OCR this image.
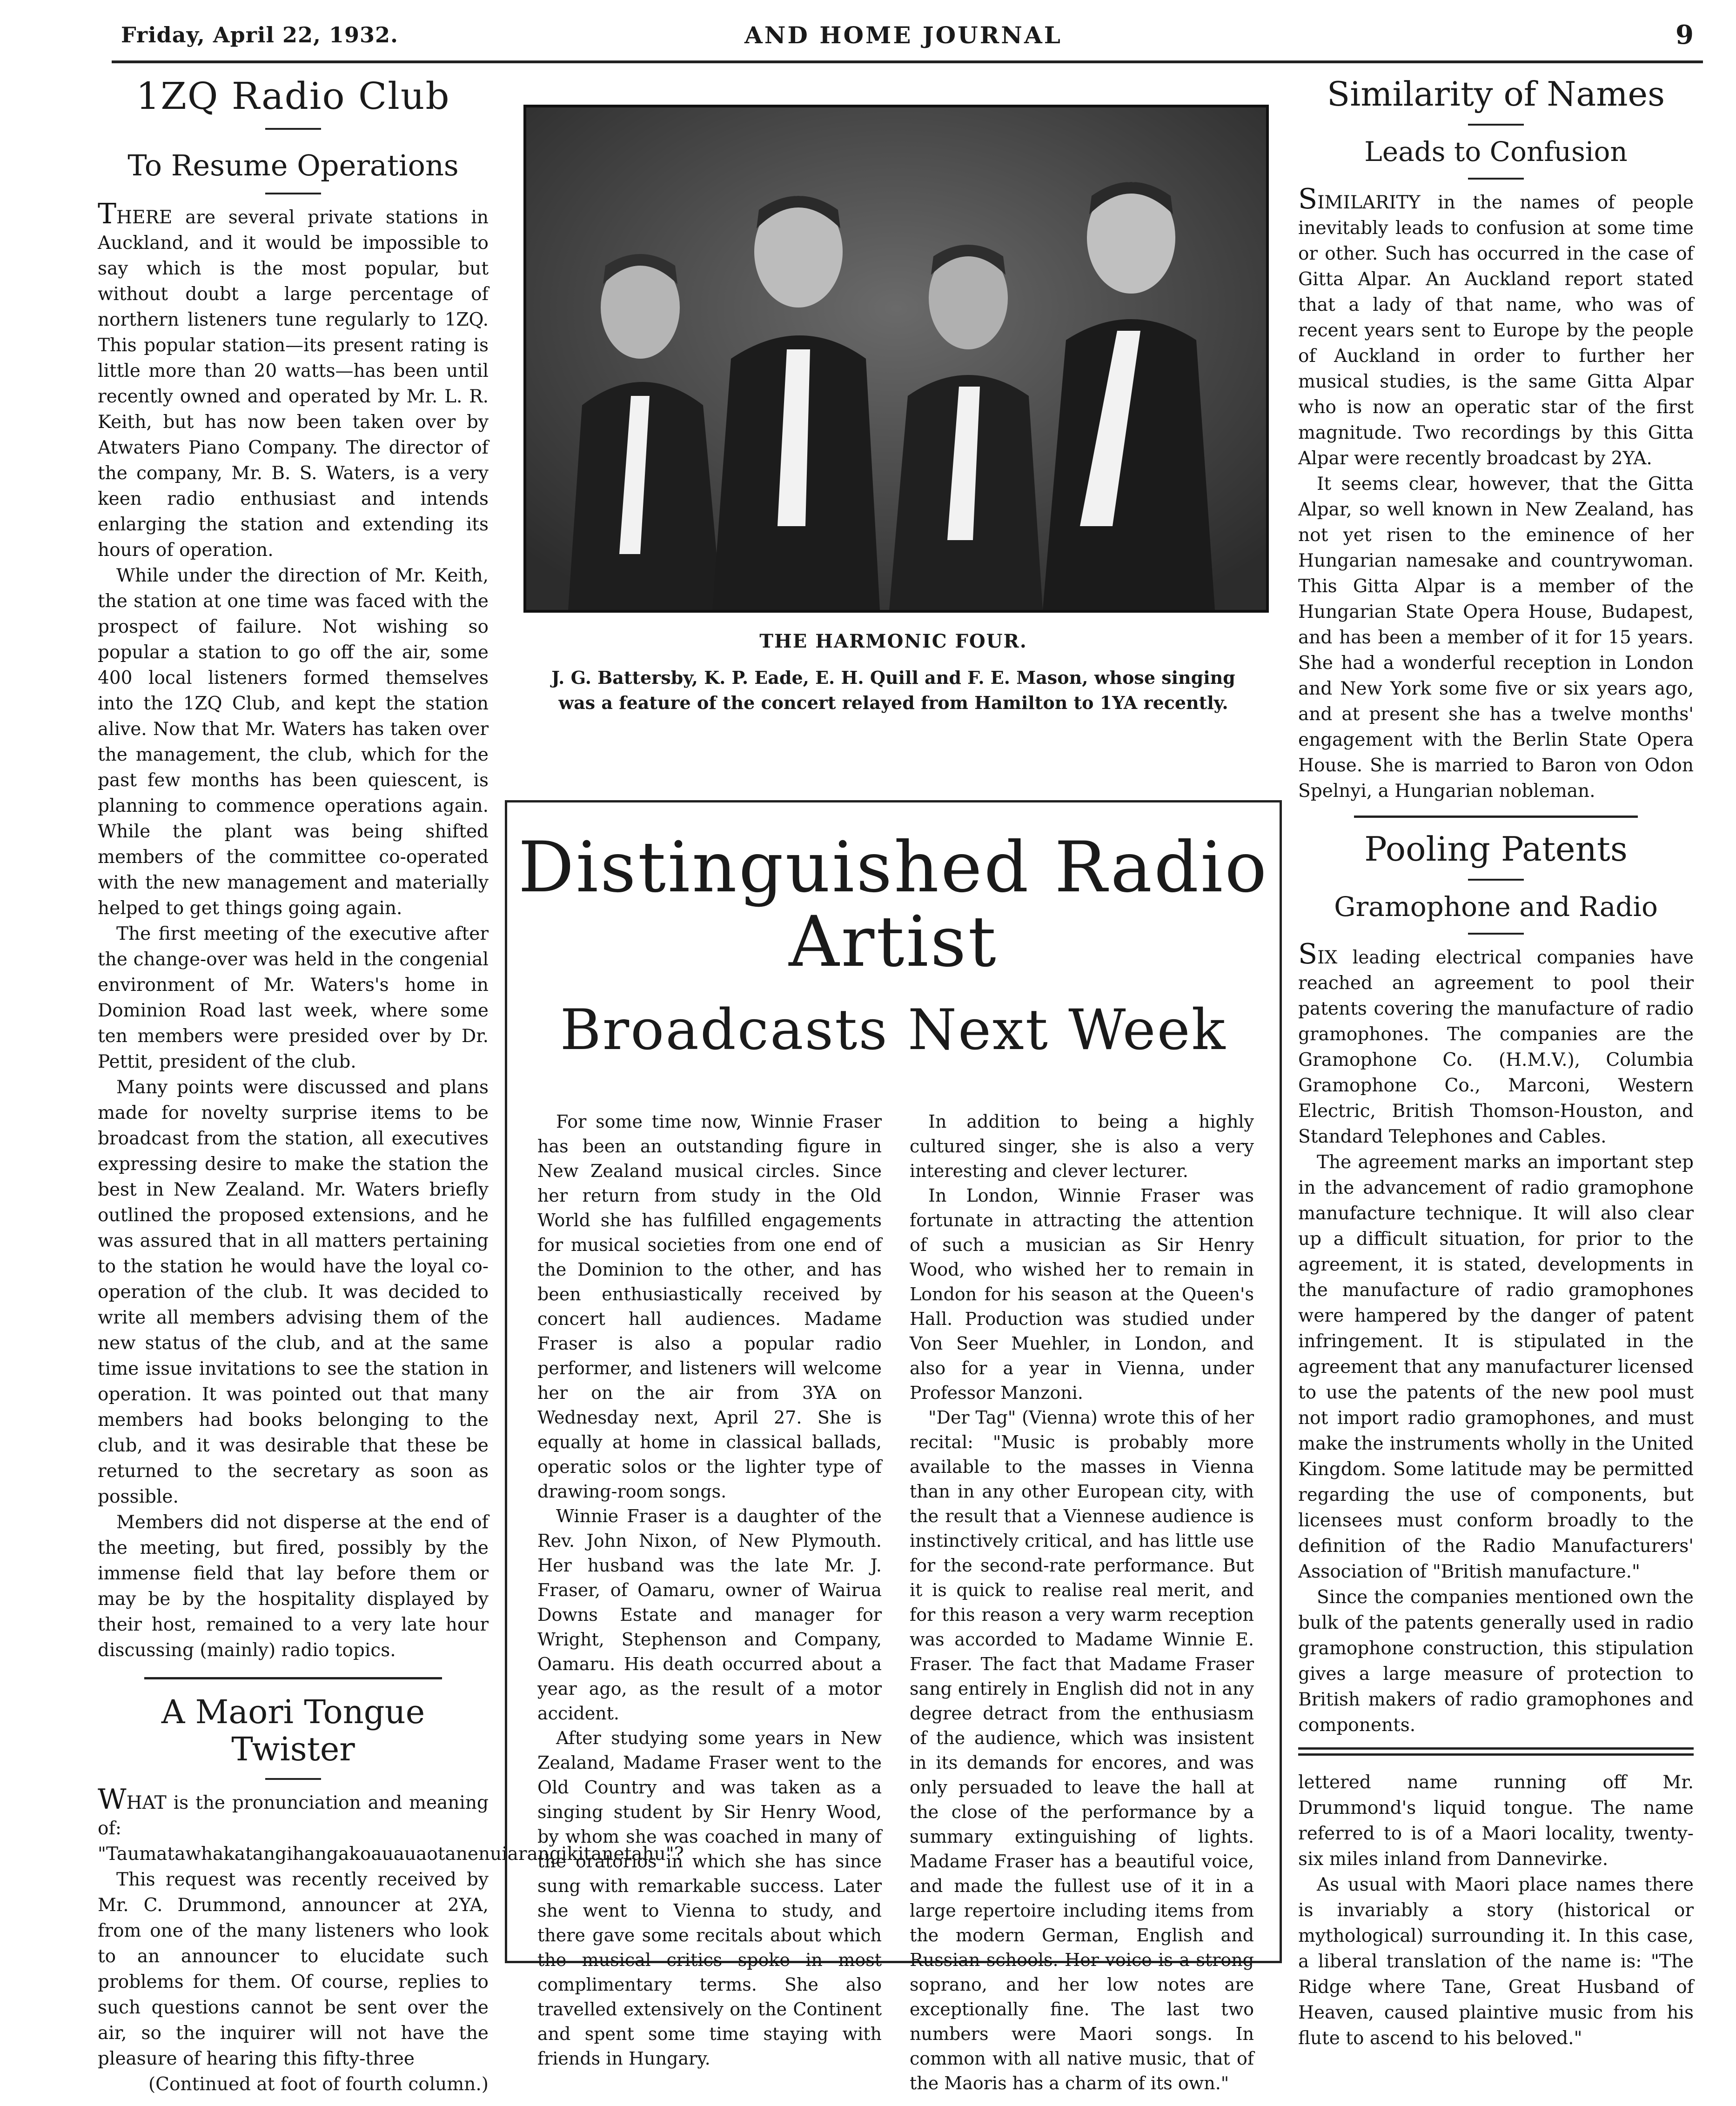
Friday, April 22, 1932.	AND HOME JOURNAL	9
1ZQ Radio Club
To Resume Operations

THERE are several private stations in Auckland, and it would be impossible to say which is the most popular, but without doubt a large percentage of northern listeners tune regularly to 1ZQ. This popular station—its present rating is little more than 20 watts—has been until recently owned and operated by Mr. L. R. Keith, but has now been taken over by Atwaters Piano Company. The director of the company, Mr. B. S. Waters, is a very keen radio enthusiast and intends enlarging the station and extending its hours of operation.

While under the direction of Mr. Keith, the station at one time was faced with the prospect of failure. Not wishing so popular a station to go off the air, some 400 local listeners formed themselves into the 1ZQ Club, and kept the station alive. Now that Mr. Waters has taken over the management, the club, which for the past few months has been quiescent, is planning to commence operations again. While the plant was being shifted members of the committee co-operated with the new management and materially helped to get things going again.

The first meeting of the executive after the change-over was held in the congenial environment of Mr. Waters's home in Dominion Road last week, where some ten members were presided over by Dr. Pettit, president of the club.

Many points were discussed and plans made for novelty surprise items to be broadcast from the station, all executives expressing desire to make the station the best in New Zealand. Mr. Waters briefly outlined the proposed extensions, and he was assured that in all matters pertaining to the station he would have the loyal co-operation of the club. It was decided to write all members advising them of the new status of the club, and at the same time issue invitations to see the station in operation. It was pointed out that many members had books belonging to the club, and it was desirable that these be returned to the secretary as soon as possible.

Members did not disperse at the end of the meeting, but fired, possibly by the immense field that lay before them or may be by the hospitality displayed by their host, remained to a very late hour discussing (mainly) radio topics.

A Maori Tongue Twister

WHAT is the pronunciation and meaning of: "Taumatawhakatangihangakoauauaotanenuiarangikitanetahu"?

This request was recently received by Mr. C. Drummond, announcer at 2YA, from one of the many listeners who look to an announcer to elucidate such problems for them. Of course, replies to such questions cannot be sent over the air, so the inquirer will not have the pleasure of hearing this fifty-three

(Continued at foot of fourth column.)
THE HARMONIC FOUR.
J. G. Battersby, K. P. Eade, E. H. Quill and F. E. Mason, whose singing was a feature of the concert relayed from Hamilton to 1YA recently.
Distinguished Radio Artist
Broadcasts Next Week

For some time now, Winnie Fraser has been an outstanding figure in New Zealand musical circles. Since her return from study in the Old World she has fulfilled engagements for musical societies from one end of the Dominion to the other, and has been enthusiastically received by concert hall audiences. Madame Fraser is also a popular radio performer, and listeners will welcome her on the air from 3YA on Wednesday next, April 27. She is equally at home in classical ballads, operatic solos or the lighter type of drawing-room songs.

Winnie Fraser is a daughter of the Rev. John Nixon, of New Plymouth. Her husband was the late Mr. J. Fraser, of Oamaru, owner of Wairua Downs Estate and manager for Wright, Stephenson and Company, Oamaru. His death occurred about a year ago, as the result of a motor accident.

After studying some years in New Zealand, Madame Fraser went to the Old Country and was taken as a singing student by Sir Henry Wood, by whom she was coached in many of the oratorios in which she has since sung with remarkable success. Later she went to Vienna to study, and there gave some recitals about which the musical critics spoke in most complimentary terms. She also travelled extensively on the Continent and spent some time staying with friends in Hungary.

In addition to being a highly cultured singer, she is also a very interesting and clever lecturer.

In London, Winnie Fraser was fortunate in attracting the attention of such a musician as Sir Henry Wood, who wished her to remain in London for his season at the Queen's Hall. Production was studied under Von Seer Muehler, in London, and also for a year in Vienna, under Professor Manzoni.

"Der Tag" (Vienna) wrote this of her recital: "Music is probably more available to the masses in Vienna than in any other European city, with the result that a Viennese audience is instinctively critical, and has little use for the second-rate performance. But it is quick to realise real merit, and for this reason a very warm reception was accorded to Madame Winnie E. Fraser. The fact that Madame Fraser sang entirely in English did not in any degree detract from the enthusiasm of the audience, which was insistent in its demands for encores, and was only persuaded to leave the hall at the close of the performance by a summary extinguishing of lights. Madame Fraser has a beautiful voice, and made the fullest use of it in a large repertoire including items from the modern German, English and Russian schools. Her voice is a strong soprano, and her low notes are exceptionally fine. The last two numbers were Maori songs. In common with all native music, that of the Maoris has a charm of its own."

Similarity of Names
Leads to Confusion

SIMILARITY in the names of people inevitably leads to confusion at some time or other. Such has occurred in the case of Gitta Alpar. An Auckland report stated that a lady of that name, who was of recent years sent to Europe by the people of Auckland in order to further her musical studies, is the same Gitta Alpar who is now an operatic star of the first magnitude. Two recordings by this Gitta Alpar were recently broadcast by 2YA.

It seems clear, however, that the Gitta Alpar, so well known in New Zealand, has not yet risen to the eminence of her Hungarian namesake and countrywoman. This Gitta Alpar is a member of the Hungarian State Opera House, Budapest, and has been a member of it for 15 years. She had a wonderful reception in London and New York some five or six years ago, and at present she has a twelve months' engagement with the Berlin State Opera House. She is married to Baron von Odon Spelnyi, a Hungarian nobleman.

Pooling Patents
Gramophone and Radio

SIX leading electrical companies have reached an agreement to pool their patents covering the manufacture of radio gramophones. The companies are the Gramophone Co. (H.M.V.), Columbia Gramophone Co., Marconi, Western Electric, British Thomson-Houston, and Standard Telephones and Cables.

The agreement marks an important step in the advancement of radio gramophone manufacture technique. It will also clear up a difficult situation, for prior to the agreement, it is stated, developments in the manufacture of radio gramophones were hampered by the danger of patent infringement. It is stipulated in the agreement that any manufacturer licensed to use the patents of the new pool must not import radio gramophones, and must make the instruments wholly in the United Kingdom. Some latitude may be permitted regarding the use of components, but licensees must conform broadly to the definition of the Radio Manufacturers' Association of "British manufacture."

Since the companies mentioned own the bulk of the patents generally used in radio gramophone construction, this stipulation gives a large measure of protection to British makers of radio gramophones and components.

lettered name running off Mr. Drummond's liquid tongue. The name referred to is of a Maori locality, twenty-six miles inland from Dannevirke.

As usual with Maori place names there is invariably a story (historical or mythological) surrounding it. In this case, a liberal translation of the name is: "The Ridge where Tane, Great Husband of Heaven, caused plaintive music from his flute to ascend to his beloved."
